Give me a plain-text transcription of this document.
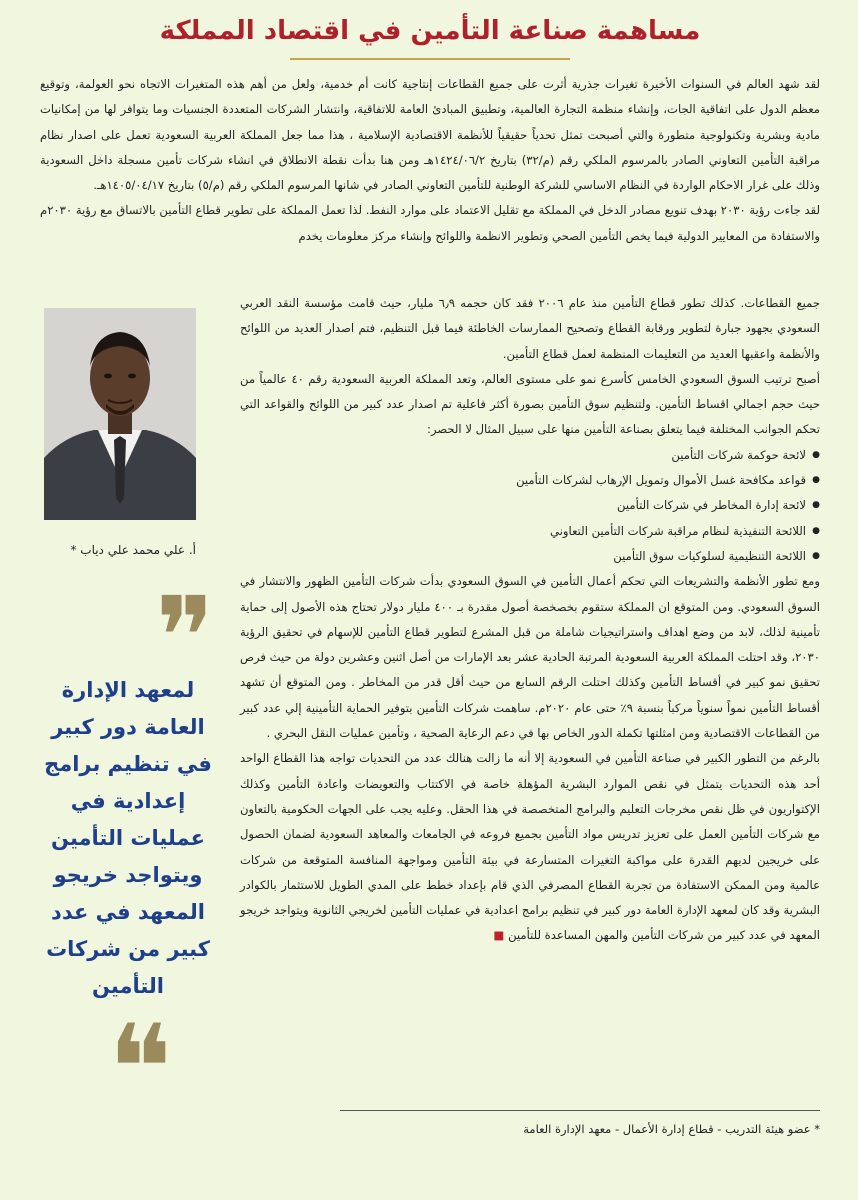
مساهمة صناعة التأمين في اقتصاد المملكة

لقد شهد العالم في السنوات الأخيرة تغيرات جذرية أثرت على جميع القطاعات إنتاجية كانت أم خدمية، ولعل من أهم هذه المتغيرات الاتجاه نحو العولمة، وتوقيع معظم الدول على اتفاقية الجات، وإنشاء منظمة التجارة العالمية، وتطبيق المبادئ العامة للاتفاقية، وانتشار الشركات المتعددة الجنسيات وما يتوافر لها من إمكانيات مادية وبشرية وتكنولوجية متطورة والتي أصبحت تمثل تحدياً حقيقياً للأنظمة الاقتصادية الإسلامية ، هذا مما جعل المملكة العربية السعودية تعمل على اصدار نظام مراقبة التأمين التعاوني الصادر بالمرسوم الملكي رقم (م/٣٢) بتاريخ ١٤٢٤/٠٦/٢هـ ومن هنا بدأت نقطة الانطلاق في انشاء شركات تأمين مسجلة داخل السعودية وذلك على غرار الاحكام الواردة في النظام الاساسي للشركة الوطنية للتأمين التعاوني الصادر في شانها المرسوم الملكي رقم (م/٥) بتاريخ ١٤٠٥/٠٤/١٧هـ.

لقد جاءت رؤية ٢٠٣٠ بهدف تنويع مصادر الدخل في المملكة مع تقليل الاعتماد على موارد النفط. لذا تعمل المملكة على تطوير قطاع التأمين بالاتساق مع رؤية ٢٠٣٠م والاستفادة من المعايير الدولية فيما يخص التأمين الصحي وتطوير الانظمة واللوائح وإنشاء مركز معلومات يخدم

أ. علي محمد علي دياب *
❞
لمعهد الإدارة العامة دور كبير في تنظيم برامج إعدادية في عمليات التأمين ويتواجد خريجو المعهد في عدد كبير من شركات التأمين
❝

جميع القطاعات. كذلك تطور قطاع التأمين منذ عام ٢٠٠٦ فقد كان حجمه ٦٫٩ مليار، حيث قامت مؤسسة النقد العربي السعودي بجهود جبارة لتطوير ورقابة القطاع وتصحيح الممارسات الخاطئة فيما قبل التنظيم، فتم اصدار العديد من اللوائح والأنظمة واعقبها العديد من التعليمات المنظمة لعمل قطاع التأمين.

أصبح ترتيب السوق السعودي الخامس كأسرع نمو على مستوى العالم، وتعد المملكة العربية السعودية رقم ٤٠ عالمياً من حيث حجم اجمالي اقساط التأمين. ولتنظيم سوق التأمين بصورة أكثر فاعلية تم اصدار عدد كبير من اللوائح والقواعد التي تحكم الجوانب المختلفة فيما يتعلق بصناعة التأمين منها على سبيل المثال لا الحصر:

● لائحة حوكمة شركات التأمين
● قواعد مكافحة غسل الأموال وتمويل الإرهاب لشركات التأمين
● لائحة إدارة المخاطر في شركات التأمين
● اللائحة التنفيذية لنظام مراقبة شركات التأمين التعاوني
● اللائحة التنظيمية لسلوكيات سوق التأمين

ومع تطور الأنظمة والتشريعات التي تحكم أعمال التأمين في السوق السعودي بدأت شركات التأمين الظهور والانتشار في السوق السعودي. ومن المتوقع ان المملكة ستقوم بخصخصة أصول مقدرة بـ ٤٠٠ مليار دولار تحتاج هذه الأصول إلى حماية تأمينية لذلك، لابد من وضع اهداف واستراتيجيات شاملة من قبل المشرع لتطوير قطاع التأمين للإسهام في تحقيق الرؤية ٢٠٣٠، وقد احتلت المملكة العربية السعودية المرتبة الحادية عشر بعد الإمارات من أصل اثنين وعشرين دولة من حيث فرص تحقيق نمو كبير في أقساط التأمين وكذلك احتلت الرقم السابع من حيث أقل قدر من المخاطر . ومن المتوقع أن تشهد أقساط التأمين نمواً سنوياً مركباً بنسبة ٩٪ حتى عام ٢٠٢٠م. ساهمت شركات التأمين بتوفير الحماية التأمينية إلي عدد كبير من القطاعات الاقتصادية ومن امثلتها تكملة الدور الخاص بها في دعم الرعاية الصحية ، وتأمين عمليات النقل البحري .

بالرغم من التطور الكبير في صناعة التأمين في السعودية إلا أنه ما زالت هنالك عدد من التحديات تواجه هذا القطاع الواحد أحد هذه التحديات يتمثل في نقص الموارد البشرية المؤهلة خاصة في الاكتتاب والتعويضات واعادة التأمين وكذلك الإكتواريون في ظل نقص مخرجات التعليم والبرامج المتخصصة في هذا الحقل. وعليه يجب على الجهات الحكومية بالتعاون مع شركات التأمين العمل على تعزيز تدريس مواد التأمين بجميع فروعه في الجامعات والمعاهد السعودية لضمان الحصول على خريجين لديهم القدرة على مواكبة التغيرات المتسارعة في بيئة التأمين ومواجهة المنافسة المتوقعة من شركات عالمية ومن الممكن الاستفادة من تجربة القطاع المصرفي الذي قام بإعداد خطط على المدي الطويل للاستثمار بالكوادر البشرية وقد كان لمعهد الإدارة العامة دور كبير في تنظيم برامج اعدادية في عمليات التأمين لخريجي الثانوية ويتواجد خريجو المعهد في عدد كبير من شركات التأمين والمهن المساعدة للتأمين ■

* عضو هيئة التدريب - قطاع إدارة الأعمال - معهد الإدارة العامة
